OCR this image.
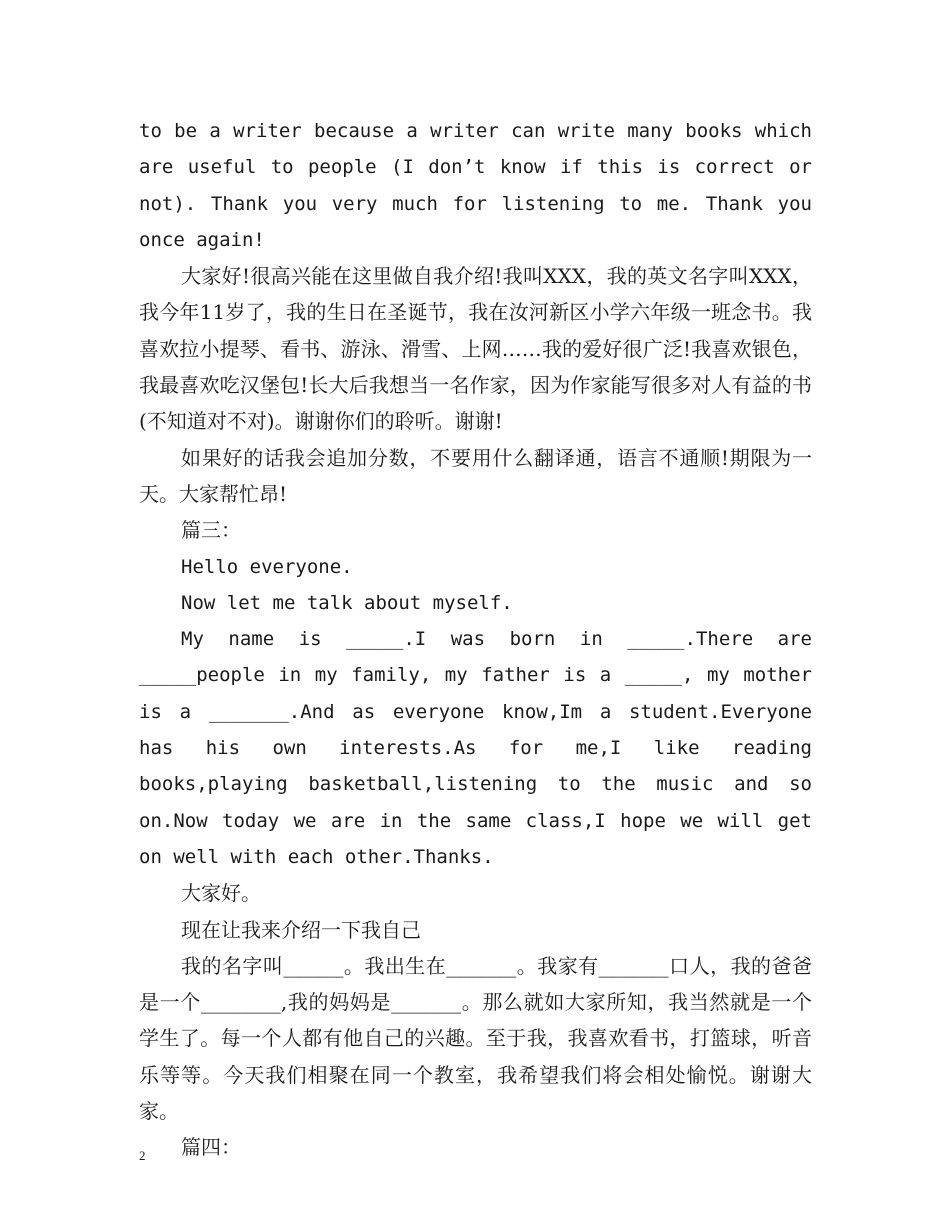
to be a writer because a writer can write many books which are useful to people (I don’t know if this is correct or not). Thank you very much for listening to me. Thank you once again!

大家好!很高兴能在这里做自我介绍!我叫XXX，我的英文名字叫XXX，我今年11岁了，我的生日在圣诞节，我在汝河新区小学六年级一班念书。我喜欢拉小提琴、看书、游泳、滑雪、上网……我的爱好很广泛!我喜欢银色，我最喜欢吃汉堡包!长大后我想当一名作家，因为作家能写很多对人有益的书(不知道对不对)。谢谢你们的聆听。谢谢!

如果好的话我会追加分数，不要用什么翻译通，语言不通顺!期限为一天。大家帮忙昂!

篇三：

Hello everyone.

Now let me talk about myself.

My name is _____.I was born in _____.There are _____people in my family, my father is a _____, my mother is a _______.And as everyone know,Im a student.Everyone has his own interests.As for me,I like reading books,playing basketball,listening to the music and so on.Now today we are in the same class,I hope we will get on well with each other.Thanks.

大家好。

现在让我来介绍一下我自己

我的名字叫______。我出生在_______。我家有_______口人，我的爸爸是一个________,我的妈妈是_______。那么就如大家所知，我当然就是一个学生了。每一个人都有他自己的兴趣。至于我，我喜欢看书，打篮球，听音乐等等。今天我们相聚在同一个教室，我希望我们将会相处愉悦。谢谢大家。

篇四：

2
